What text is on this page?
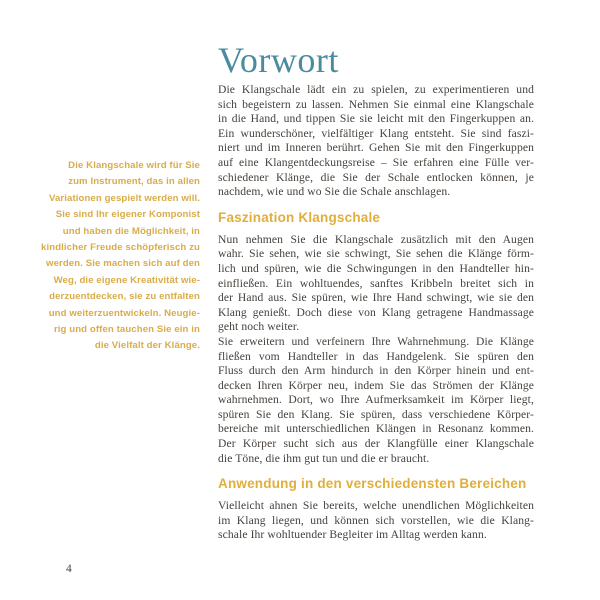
Die Klangschale wird für Sie
zum Instrument, das in allen
Variationen gespielt werden will.
Sie sind Ihr eigener Komponist
und haben die Möglichkeit, in
kindlicher Freude schöpferisch zu
werden. Sie machen sich auf den
Weg, die eigene Kreativität wie-
derzuentdecken, sie zu entfalten
und weiterzuentwickeln. Neugie-
rig und offen tauchen Sie ein in
die Vielfalt der Klänge.
Vorwort
Die Klangschale lädt ein zu spielen, zu experimentieren und
sich begeistern zu lassen. Nehmen Sie einmal eine Klangschale
in die Hand, und tippen Sie sie leicht mit den Fingerkuppen an.
Ein wunderschöner, vielfältiger Klang entsteht. Sie sind faszi-
niert und im Inneren berührt. Gehen Sie mit den Fingerkuppen
auf eine Klangentdeckungsreise – Sie erfahren eine Fülle ver-
schiedener Klänge, die Sie der Schale entlocken können, je
nachdem, wie und wo Sie die Schale anschlagen.
Faszination Klangschale
Nun nehmen Sie die Klangschale zusätzlich mit den Augen
wahr. Sie sehen, wie sie schwingt, Sie sehen die Klänge förm-
lich und spüren, wie die Schwingungen in den Handteller hin-
einfließen. Ein wohltuendes, sanftes Kribbeln breitet sich in
der Hand aus. Sie spüren, wie Ihre Hand schwingt, wie sie den
Klang genießt. Doch diese von Klang getragene Handmassage
geht noch weiter.
Sie erweitern und verfeinern Ihre Wahrnehmung. Die Klänge
fließen vom Handteller in das Handgelenk. Sie spüren den
Fluss durch den Arm hindurch in den Körper hinein und ent-
decken Ihren Körper neu, indem Sie das Strömen der Klänge
wahrnehmen. Dort, wo Ihre Aufmerksamkeit im Körper liegt,
spüren Sie den Klang. Sie spüren, dass verschiedene Körper-
bereiche mit unterschiedlichen Klängen in Resonanz kommen.
Der Körper sucht sich aus der Klangfülle einer Klangschale
die Töne, die ihm gut tun und die er braucht.
Anwendung in den verschiedensten Bereichen
Vielleicht ahnen Sie bereits, welche unendlichen Möglichkeiten
im Klang liegen, und können sich vorstellen, wie die Klang-
schale Ihr wohltuender Begleiter im Alltag werden kann.
4
